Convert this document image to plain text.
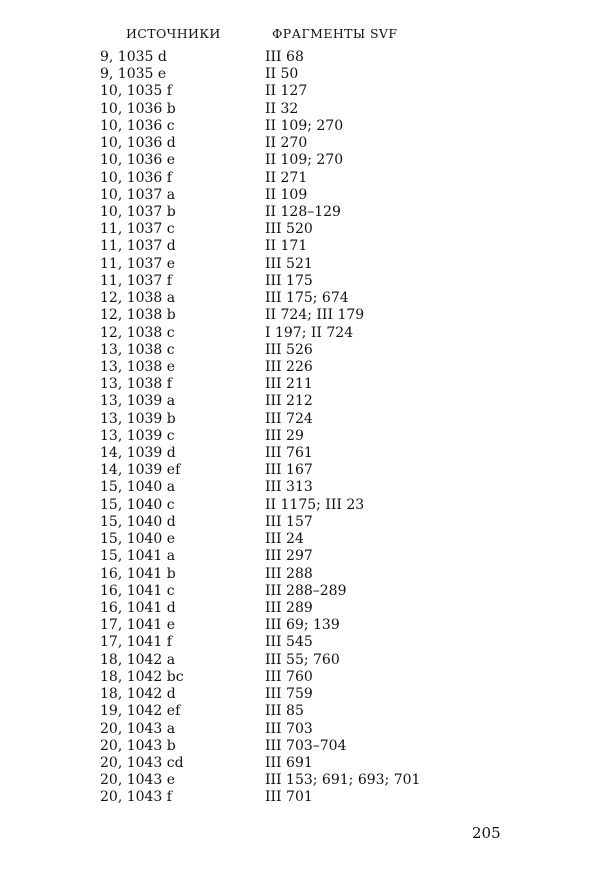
ИСТОЧНИКИ	ФРАГМЕНТЫ SVF
9, 1035 d	III 68
9, 1035 e	II 50
10, 1035 f	II 127
10, 1036 b	II 32
10, 1036 c	II 109; 270
10, 1036 d	II 270
10, 1036 e	II 109; 270
10, 1036 f	II 271
10, 1037 a	II 109
10, 1037 b	II 128–129
11, 1037 c	III 520
11, 1037 d	II 171
11, 1037 e	III 521
11, 1037 f	III 175
12, 1038 a	III 175; 674
12, 1038 b	II 724; III 179
12, 1038 c	I 197; II 724
13, 1038 c	III 526
13, 1038 e	III 226
13, 1038 f	III 211
13, 1039 a	III 212
13, 1039 b	III 724
13, 1039 c	III 29
14, 1039 d	III 761
14, 1039 ef	III 167
15, 1040 a	III 313
15, 1040 c	II 1175; III 23
15, 1040 d	III 157
15, 1040 e	III 24
15, 1041 a	III 297
16, 1041 b	III 288
16, 1041 c	III 288–289
16, 1041 d	III 289
17, 1041 e	III 69; 139
17, 1041 f	III 545
18, 1042 a	III 55; 760
18, 1042 bc	III 760
18, 1042 d	III 759
19, 1042 ef	III 85
20, 1043 a	III 703
20, 1043 b	III 703–704
20, 1043 cd	III 691
20, 1043 e	III 153; 691; 693; 701
20, 1043 f	III 701
205
